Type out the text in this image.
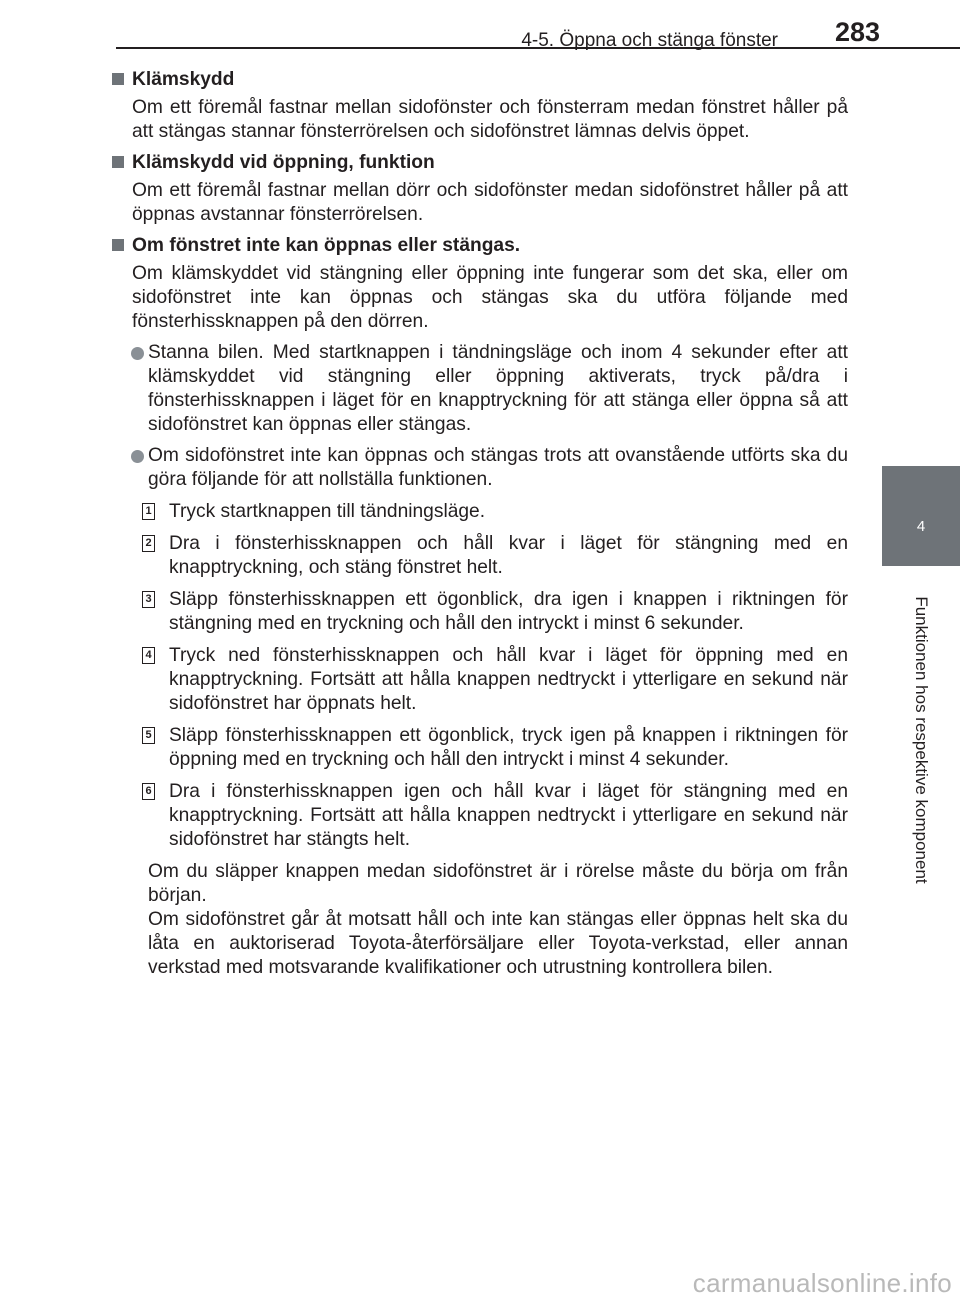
4-5. Öppna och stänga fönster	283
4
Funktionen hos respektive komponent

Klämskydd

Om ett föremål fastnar mellan sidofönster och fönsterram medan fönstret håller på att stängas stannar fönsterrörelsen och sidofönstret lämnas delvis öppet.

Klämskydd vid öppning, funktion

Om ett föremål fastnar mellan dörr och sidofönster medan sidofönstret håller på att öppnas avstannar fönsterrörelsen.

Om fönstret inte kan öppnas eller stängas.

Om klämskyddet vid stängning eller öppning inte fungerar som det ska, eller om sidofönstret inte kan öppnas och stängas ska du utföra följande med fönsterhissknappen på den dörren.

Stanna bilen. Med startknappen i tändningsläge och inom 4 sekunder efter att klämskyddet vid stängning eller öppning aktiverats, tryck på/dra i fönsterhissknappen i läget för en knapptryckning för att stänga eller öppna så att sidofönstret kan öppnas eller stängas.

Om sidofönstret inte kan öppnas och stängas trots att ovanstående utförts ska du göra följande för att nollställa funktionen.

1 Tryck startknappen till tändningsläge.
2 Dra i fönsterhissknappen och håll kvar i läget för stängning med en knapptryckning, och stäng fönstret helt.
3 Släpp fönsterhissknappen ett ögonblick, dra igen i knappen i riktningen för stängning med en tryckning och håll den intryckt i minst 6 sekunder.
4 Tryck ned fönsterhissknappen och håll kvar i läget för öppning med en knapptryckning. Fortsätt att hålla knappen nedtryckt i ytterligare en sekund när sidofönstret har öppnats helt.
5 Släpp fönsterhissknappen ett ögonblick, tryck igen på knappen i riktningen för öppning med en tryckning och håll den intryckt i minst 4 sekunder.
6 Dra i fönsterhissknappen igen och håll kvar i läget för stängning med en knapptryckning. Fortsätt att hålla knappen nedtryckt i ytterligare en sekund när sidofönstret har stängts helt.

Om du släpper knappen medan sidofönstret är i rörelse måste du börja om från början.
Om sidofönstret går åt motsatt håll och inte kan stängas eller öppnas helt ska du låta en auktoriserad Toyota-återförsäljare eller Toyota-verkstad, eller annan verkstad med motsvarande kvalifikationer och utrustning kontrollera bilen.

carmanualsonline.info
